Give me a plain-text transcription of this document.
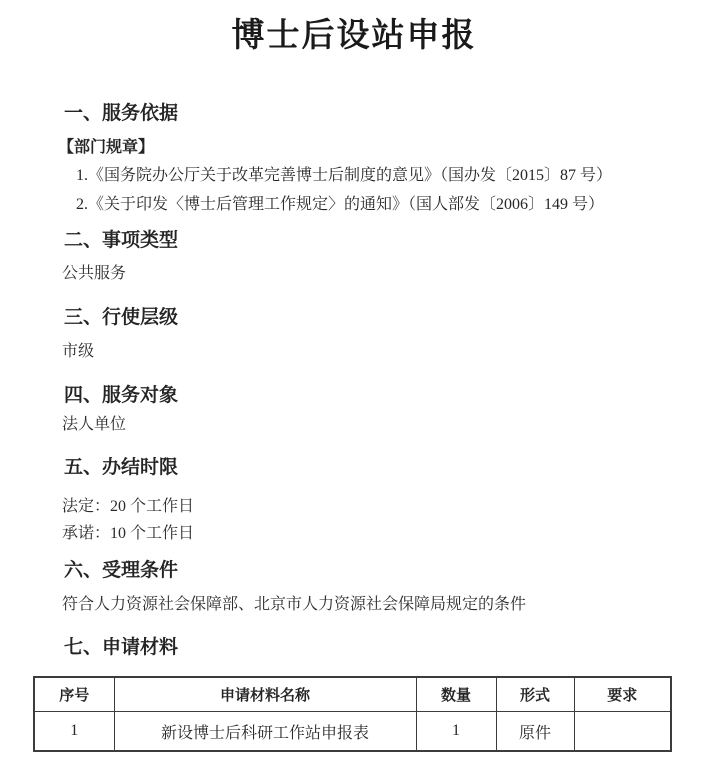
博士后设站申报
一、服务依据
【部门规章】
1.《国务院办公厅关于改革完善博士后制度的意见》（国办发〔2015〕87 号）
2.《关于印发〈博士后管理工作规定〉的通知》（国人部发〔2006〕149 号）
二、事项类型
公共服务
三、行使层级
市级
四、服务对象
法人单位
五、办结时限
法定：20 个工作日
承诺：10 个工作日
六、受理条件
符合人力资源社会保障部、北京市人力资源社会保障局规定的条件
七、申请材料
序号	申请材料名称	数量	形式	要求
1	新设博士后科研工作站申报表	1	原件	
